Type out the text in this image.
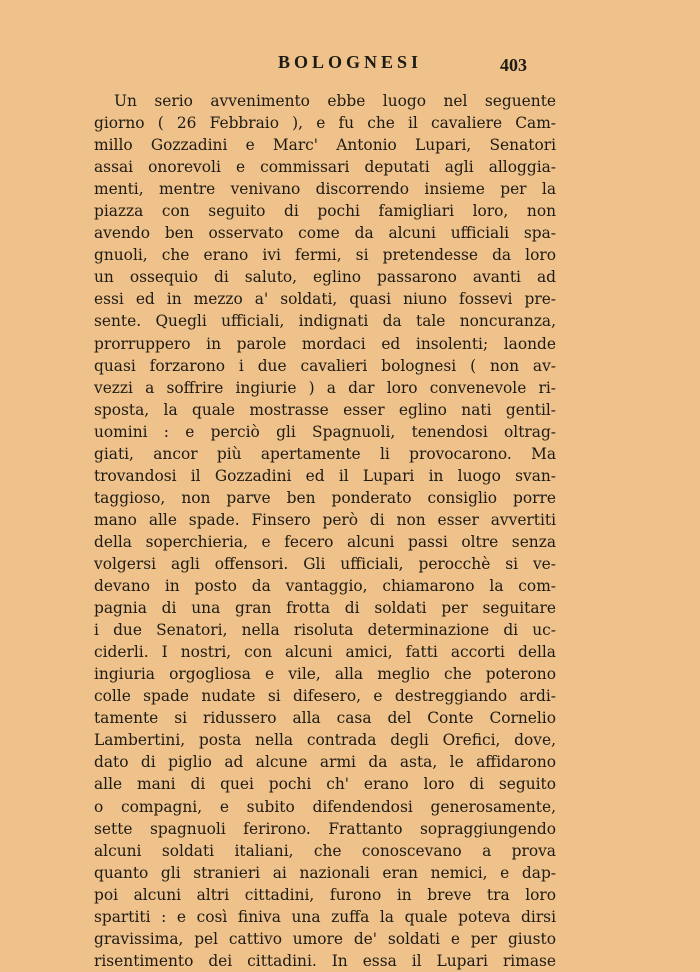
BOLOGNESI	403
Un serio avvenimento ebbe luogo nel seguente
giorno ( 26 Febbraio ), e fu che il cavaliere Cam-
millo Gozzadini e Marc' Antonio Lupari, Senatori
assai onorevoli e commissari deputati agli alloggia-
menti, mentre venivano discorrendo insieme per la
piazza con seguito di pochi famigliari loro, non
avendo ben osservato come da alcuni ufficiali spa-
gnuoli, che erano ivi fermi, si pretendesse da loro
un ossequio di saluto, eglino passarono avanti ad
essi ed in mezzo a' soldati, quasi niuno fossevi pre-
sente. Quegli ufficiali, indignati da tale noncuranza,
prorruppero in parole mordaci ed insolenti; laonde
quasi forzarono i due cavalieri bolognesi ( non av-
vezzi a soffrire ingiurie ) a dar loro convenevole ri-
sposta, la quale mostrasse esser eglino nati gentil-
uomini : e perciò gli Spagnuoli, tenendosi oltrag-
giati, ancor più apertamente li provocarono. Ma
trovandosi il Gozzadini ed il Lupari in luogo svan-
taggioso, non parve ben ponderato consiglio porre
mano alle spade. Finsero però di non esser avvertiti
della soperchieria, e fecero alcuni passi oltre senza
volgersi agli offensori. Gli ufficiali, perocchè si ve-
devano in posto da vantaggio, chiamarono la com-
pagnia di una gran frotta di soldati per seguitare
i due Senatori, nella risoluta determinazione di uc-
ciderli. I nostri, con alcuni amici, fatti accorti della
ingiuria orgogliosa e vile, alla meglio che poterono
colle spade nudate si difesero, e destreggiando ardi-
tamente si ridussero alla casa del Conte Cornelio
Lambertini, posta nella contrada degli Orefici, dove,
dato di piglio ad alcune armi da asta, le affidarono
alle mani di quei pochi ch' erano loro di seguito
o compagni, e subito difendendosi generosamente,
sette spagnuoli ferirono. Frattanto sopraggiungendo
alcuni soldati italiani, che conoscevano a prova
quanto gli stranieri ai nazionali eran nemici, e dap-
poi alcuni altri cittadini, furono in breve tra loro
spartiti : e così finiva una zuffa la quale poteva dirsi
gravissima, pel cattivo umore de' soldati e per giusto
risentimento dei cittadini. In essa il Lupari rimase
